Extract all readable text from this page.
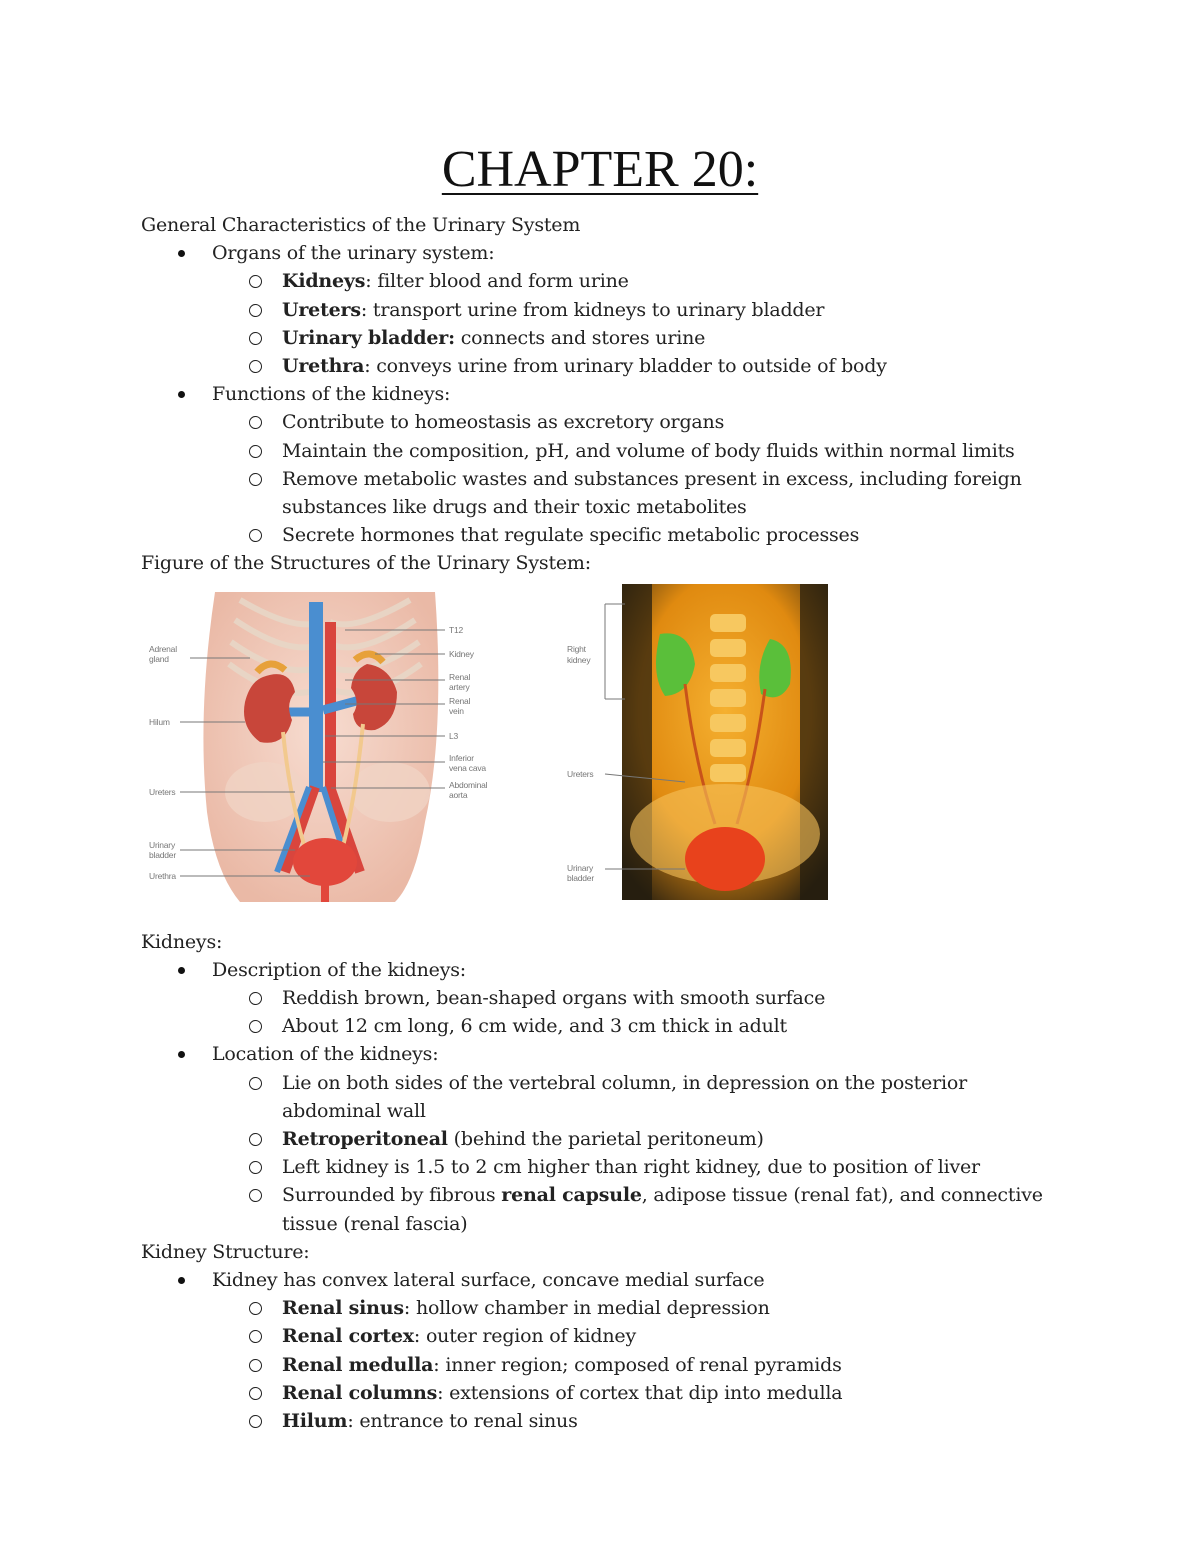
CHAPTER 20:
General Characteristics of the Urinary System
Organs of the urinary system:
Kidneys: filter blood and form urine
Ureters: transport urine from kidneys to urinary bladder
Urinary bladder: connects and stores urine
Urethra: conveys urine from urinary bladder to outside of body
Functions of the kidneys:
Contribute to homeostasis as excretory organs
Maintain the composition, pH, and volume of body fluids within normal limits
Remove metabolic wastes and substances present in excess, including foreign substances like drugs and their toxic metabolites
Secrete hormones that regulate specific metabolic processes
Figure of the Structures of the Urinary System:
Adrenal
gland
Hilum
Ureters
Urinary
bladder
Urethra
T12
Kidney
Renal
artery
Renal
vein
L3
Inferior
vena cava
Abdominal
aorta
Right
kidney
Ureters
Urinary
bladder
Kidneys:
Description of the kidneys:
Reddish brown, bean-shaped organs with smooth surface
About 12 cm long, 6 cm wide, and 3 cm thick in adult
Location of the kidneys:
Lie on both sides of the vertebral column, in depression on the posterior abdominal wall
Retroperitoneal (behind the parietal peritoneum)
Left kidney is 1.5 to 2 cm higher than right kidney, due to position of liver
Surrounded by fibrous renal capsule, adipose tissue (renal fat), and connective tissue (renal fascia)
Kidney Structure:
Kidney has convex lateral surface, concave medial surface
Renal sinus: hollow chamber in medial depression
Renal cortex: outer region of kidney
Renal medulla: inner region; composed of renal pyramids
Renal columns: extensions of cortex that dip into medulla
Hilum: entrance to renal sinus
